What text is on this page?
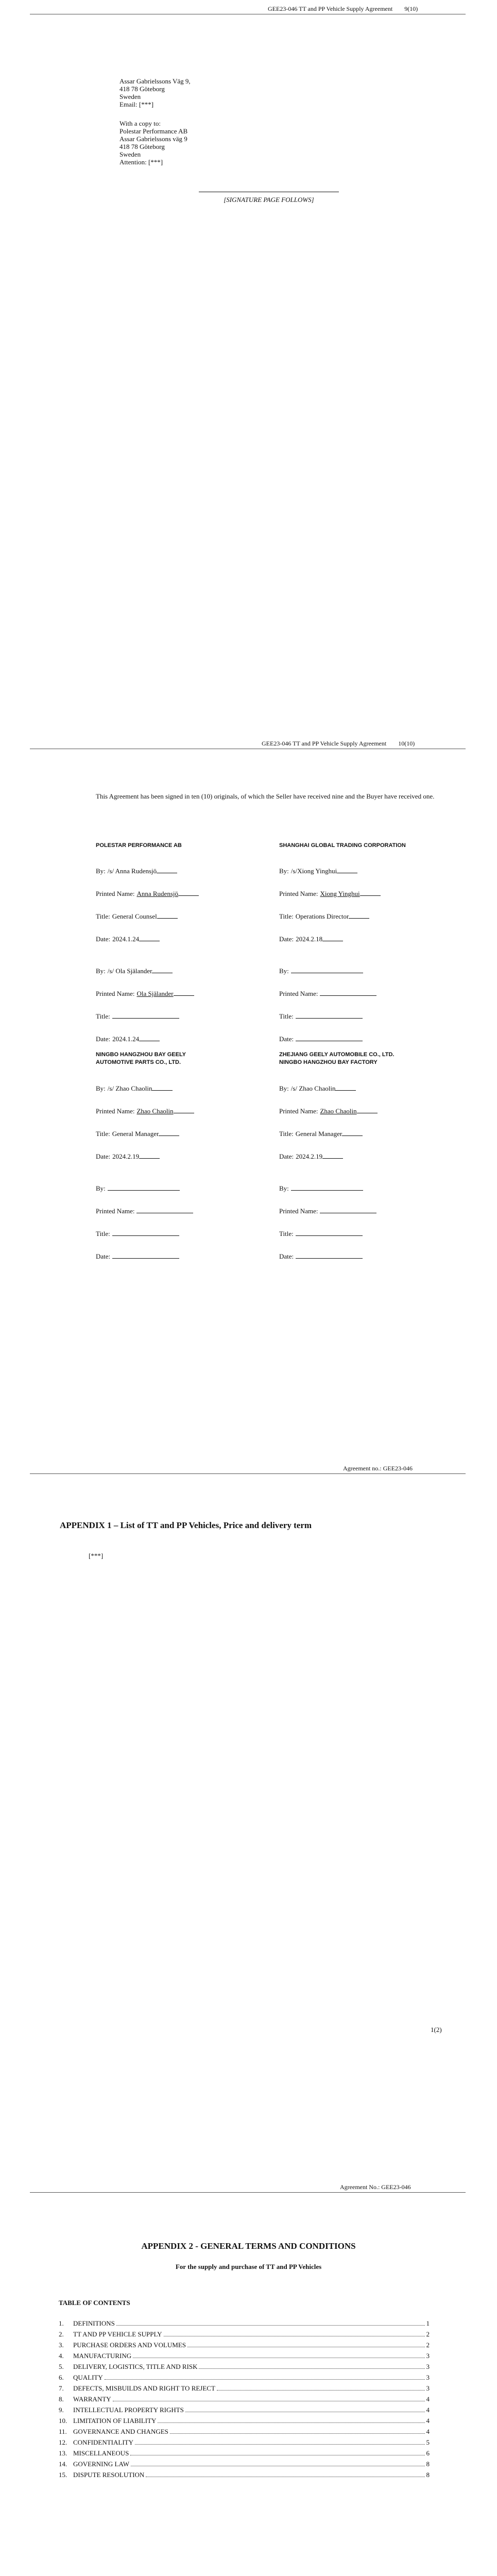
GEE23-046 TT and PP Vehicle Supply Agreement 9(10)
Assar Gabrielssons Väg 9,
418 78 Göteborg
Sweden
Email: [***]
With a copy to:
Polestar Performance AB
Assar Gabrielssons väg 9
418 78 Göteborg
Sweden
Attention: [***]
[SIGNATURE PAGE FOLLOWS]
GEE23-046 TT and PP Vehicle Supply Agreement 10(10)
This Agreement has been signed in ten (10) originals, of which the Seller have received nine and the Buyer have received one.
POLESTAR PERFORMANCE AB
By: /s/ Anna Rudensjö
Printed Name: Anna Rudensjö
Title: General Counsel
Date: 2024.1.24
By: /s/ Ola Själander
Printed Name: Ola Själander
Title:
Date: 2024.1.24
SHANGHAI GLOBAL TRADING CORPORATION
By: /s/Xiong Yinghui
Printed Name: Xiong Yinghui
Title: Operations Director
Date: 2024.2.18
By:
Printed Name:
Title:
Date:
NINGBO HANGZHOU BAY GEELY
AUTOMOTIVE PARTS CO., LTD.
By: /s/ Zhao Chaolin
Printed Name: Zhao Chaolin
Title: General Manager
Date: 2024.2.19
By:
Printed Name:
Title:
Date:
ZHEJIANG GEELY AUTOMOBILE CO., LTD.
NINGBO HANGZHOU BAY FACTORY
By: /s/ Zhao Chaolin
Printed Name: Zhao Chaolin
Title: General Manager
Date: 2024.2.19
By:
Printed Name:
Title:
Date:
Agreement no.: GEE23-046
APPENDIX 1 – List of TT and PP Vehicles, Price and delivery term
[***]
1(2)
Agreement No.: GEE23-046
APPENDIX 2 - GENERAL TERMS AND CONDITIONS
For the supply and purchase of TT and PP Vehicles
TABLE OF CONTENTS
1.	DEFINITIONS	1
2.	TT AND PP VEHICLE SUPPLY	2
3.	PURCHASE ORDERS AND VOLUMES	2
4.	MANUFACTURING	3
5.	DELIVERY, LOGISTICS, TITLE AND RISK	3
6.	QUALITY	3
7.	DEFECTS, MISBUILDS AND RIGHT TO REJECT	3
8.	WARRANTY	4
9.	INTELLECTUAL PROPERTY RIGHTS	4
10. LIMITATION OF LIABILITY	4
11. GOVERNANCE AND CHANGES	4
12. CONFIDENTIALITY	5
13. MISCELLANEOUS	6
14. GOVERNING LAW	8
15. DISPUTE RESOLUTION	8
